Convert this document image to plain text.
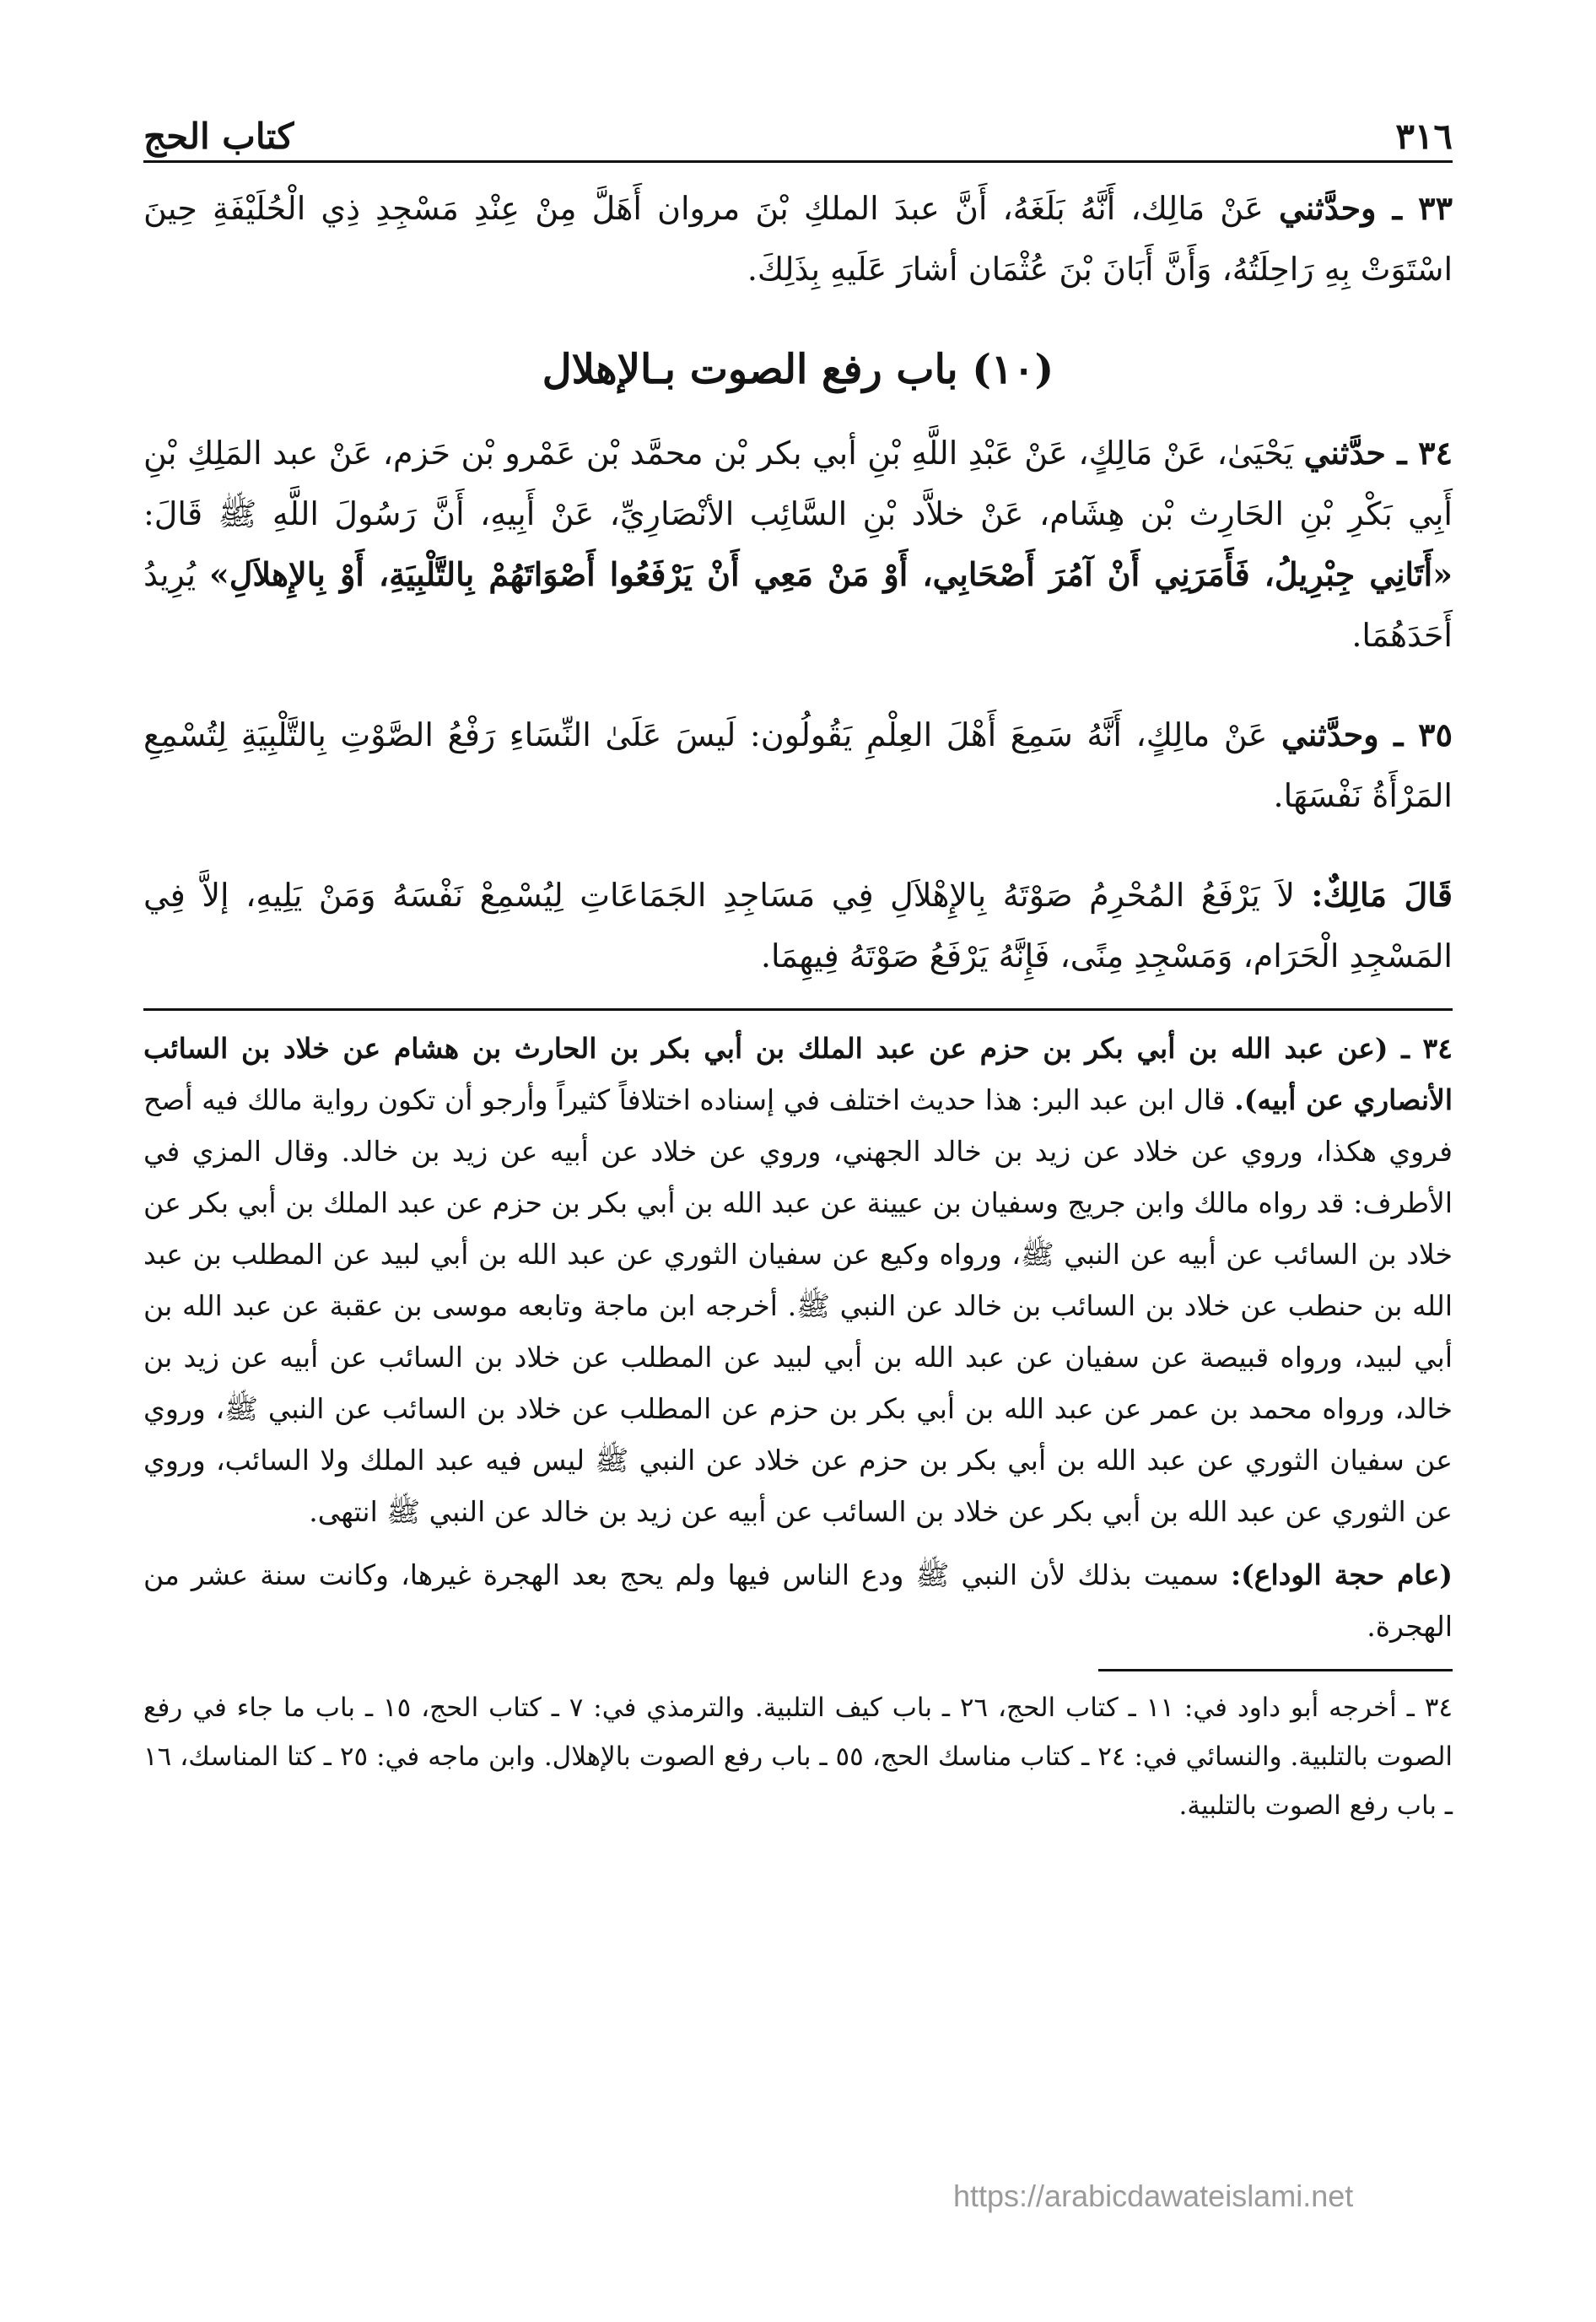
٣١٦
كتاب الحج

٣٣ ـ وحدَّثني عَنْ مَالِك، أَنَّهُ بَلَغَهُ، أَنَّ عبدَ الملكِ بْنَ مروان أَهَلَّ مِنْ عِنْدِ مَسْجِدِ ذِي الْحُلَيْفَةِ حِينَ اسْتَوَتْ بِهِ رَاحِلَتُهُ، وَأَنَّ أَبَانَ بْنَ عُثْمَان أشارَ عَلَيهِ بِذَلِكَ.

(١٠) باب رفع الصوت بـالإهلال

٣٤ ـ حدَّثني يَحْيَىٰ، عَنْ مَالِكٍ، عَنْ عَبْدِ اللَّهِ بْنِ أبي بكر بْن محمَّد بْن عَمْرو بْن حَزم، عَنْ عبد المَلِكِ بْنِ أَبِي بَكْرِ بْنِ الحَارِث بْن هِشَام، عَنْ خلاَّد بْنِ السَّائِب الأنْصَارِيِّ، عَنْ أَبِيهِ، أَنَّ رَسُولَ اللَّهِ ﷺ قَالَ: «أَتَانِي جِبْرِيلُ، فَأَمَرَنِي أَنْ آمُرَ أَصْحَابِي، أَوْ مَنْ مَعِي أَنْ يَرْفَعُوا أَصْوَاتَهُمْ بِالتَّلْبِيَةِ، أَوْ بِالإِهلاَلِ» يُرِيدُ أَحَدَهُمَا.

٣٥ ـ وحدَّثني عَنْ مالِكٍ، أَنَّهُ سَمِعَ أَهْلَ العِلْمِ يَقُولُون: لَيسَ عَلَىٰ النِّسَاءِ رَفْعُ الصَّوْتِ بِالتَّلْبِيَةِ لِتُسْمِعِ المَرْأَةُ نَفْسَهَا.

قَالَ مَالِكٌ: لاَ يَرْفَعُ المُحْرِمُ صَوْتَهُ بِالإِهْلاَلِ فِي مَسَاجِدِ الجَمَاعَاتِ لِيُسْمِعْ نَفْسَهُ وَمَنْ يَلِيهِ، إلاَّ فِي المَسْجِدِ الْحَرَام، وَمَسْجِدِ مِنًى، فَإِنَّهُ يَرْفَعُ صَوْتَهُ فِيهِمَا.

٣٤ ـ (عن عبد الله بن أبي بكر بن حزم عن عبد الملك بن أبي بكر بن الحارث بن هشام عن خلاد بن السائب الأنصاري عن أبيه). قال ابن عبد البر: هذا حديث اختلف في إسناده اختلافاً كثيراً وأرجو أن تكون رواية مالك فيه أصح فروي هكذا، وروي عن خلاد عن زيد بن خالد الجهني، وروي عن خلاد عن أبيه عن زيد بن خالد. وقال المزي في الأطرف: قد رواه مالك وابن جريج وسفيان بن عيينة عن عبد الله بن أبي بكر بن حزم عن عبد الملك بن أبي بكر عن خلاد بن السائب عن أبيه عن النبي ﷺ، ورواه وكيع عن سفيان الثوري عن عبد الله بن أبي لبيد عن المطلب بن عبد الله بن حنطب عن خلاد بن السائب بن خالد عن النبي ﷺ. أخرجه ابن ماجة وتابعه موسى بن عقبة عن عبد الله بن أبي لبيد، ورواه قبيصة عن سفيان عن عبد الله بن أبي لبيد عن المطلب عن خلاد بن السائب عن أبيه عن زيد بن خالد، ورواه محمد بن عمر عن عبد الله بن أبي بكر بن حزم عن المطلب عن خلاد بن السائب عن النبي ﷺ، وروي عن سفيان الثوري عن عبد الله بن أبي بكر بن حزم عن خلاد عن النبي ﷺ ليس فيه عبد الملك ولا السائب، وروي عن الثوري عن عبد الله بن أبي بكر عن خلاد بن السائب عن أبيه عن زيد بن خالد عن النبي ﷺ انتهى.

(عام حجة الوداع): سميت بذلك لأن النبي ﷺ ودع الناس فيها ولم يحج بعد الهجرة غيرها، وكانت سنة عشر من الهجرة.

٣٤ ـ أخرجه أبو داود في: ١١ ـ كتاب الحج، ٢٦ ـ باب كيف التلبية. والترمذي في: ٧ ـ كتاب الحج، ١٥ ـ باب ما جاء في رفع الصوت بالتلبية. والنسائي في: ٢٤ ـ كتاب مناسك الحج، ٥٥ ـ باب رفع الصوت بالإهلال. وابن ماجه في: ٢٥ ـ كتا المناسك، ١٦ ـ باب رفع الصوت بالتلبية.

https://arabicdawateislami.net
